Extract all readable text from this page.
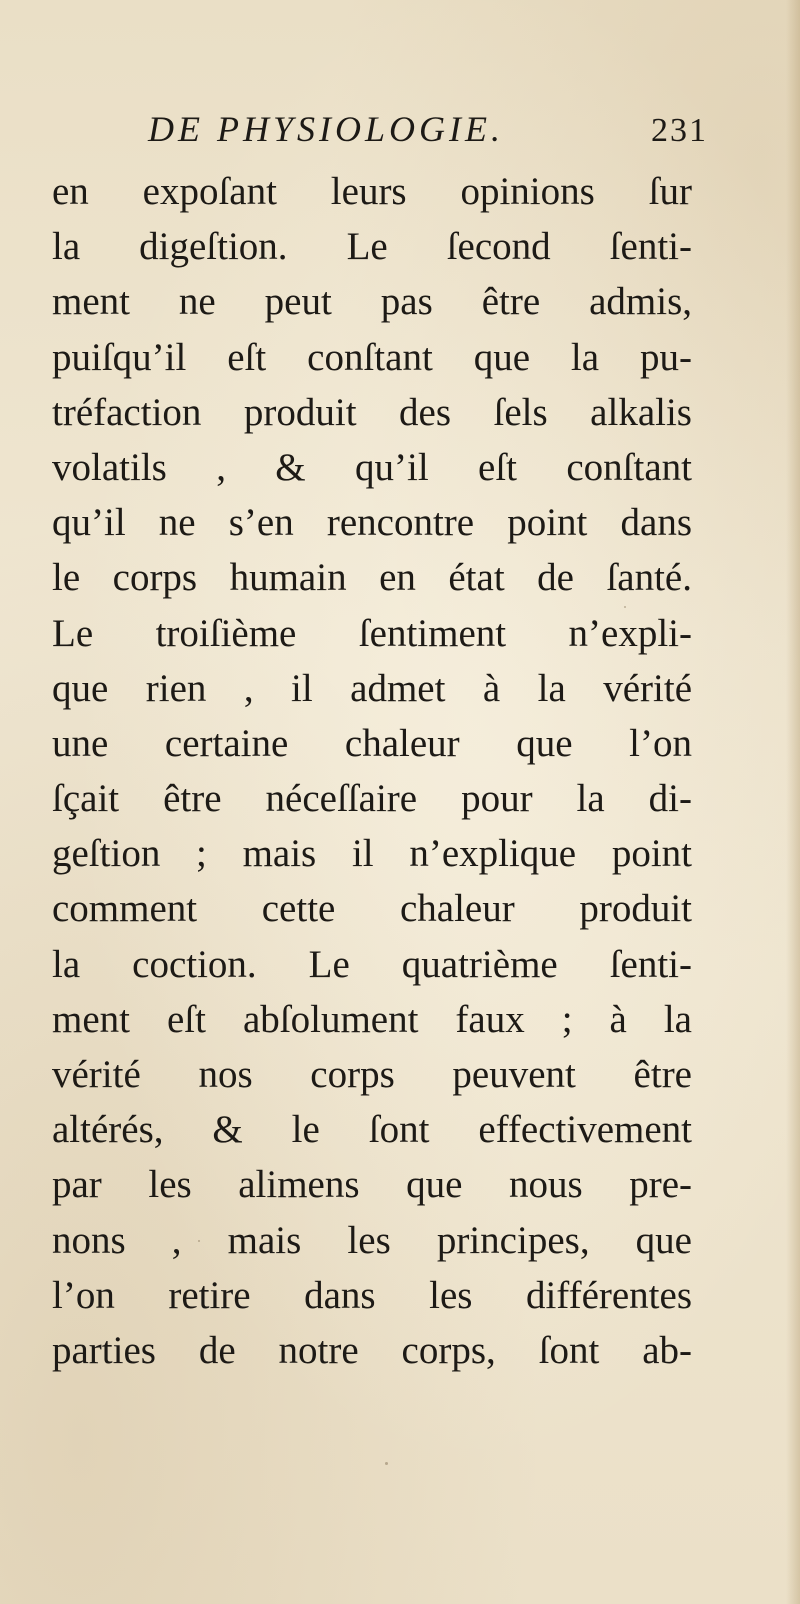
DE PHYSIOLOGIE.	231
en expoſant leurs opinions ſur
la digeſtion. Le ſecond ſenti-
ment ne peut pas être admis,
puiſqu’il eſt conſtant que la pu-
tréfaction produit des ſels alkalis
volatils , & qu’il eſt conſtant
qu’il ne s’en rencontre point dans
le corps humain en état de ſanté.
Le troiſième ſentiment n’expli-
que rien , il admet à la vérité
une certaine chaleur que l’on
ſçait être néceſſaire pour la di-
geſtion ; mais il n’explique point
comment cette chaleur produit
la coction. Le quatrième ſenti-
ment eſt abſolument faux ; à la
vérité nos corps peuvent être
altérés, & le ſont effectivement
par les alimens que nous pre-
nons , mais les principes, que
l’on retire dans les différentes
parties de notre corps, ſont ab-
